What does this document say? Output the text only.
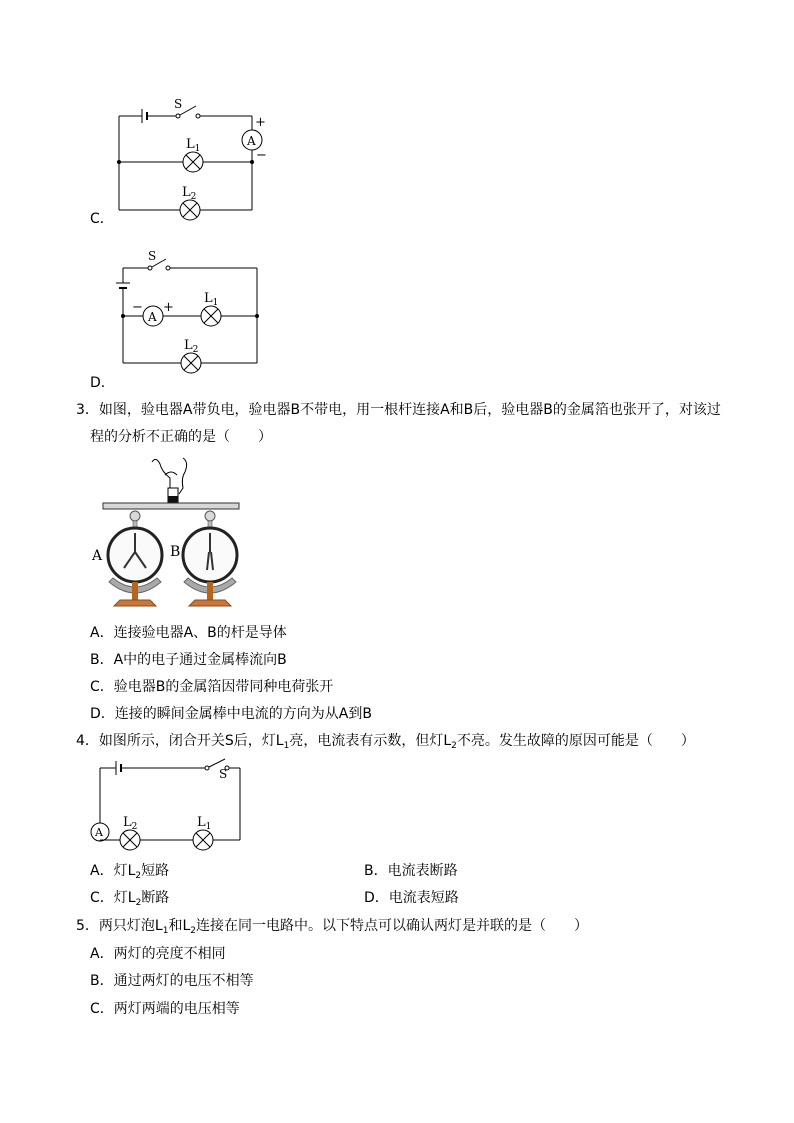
S
A
+
−
$L_1$
$L_2$
C．
S
A
− +
$L_1$
$L_2$
D．
3．如图，验电器A带负电，验电器B不带电，用一根杆连接A和B后，验电器B的金属箔也张开了，对该过
程的分析不正确的是（　　）
A	B
A．连接验电器A、B的杆是导体
B．A中的电子通过金属棒流向B
C．验电器B的金属箔因带同种电荷张开
D．连接的瞬间金属棒中电流的方向为从A到B
4．如图所示，闭合开关S后，灯$L_1$亮，电流表有示数，但灯$L_2$不亮。发生故障的原因可能是（　　）
S
A
$L_2$	$L_1$
A．灯$L_2$短路	B．电流表断路
C．灯$L_2$断路	D．电流表短路
5．两只灯泡$L_1$和$L_2$连接在同一电路中。以下特点可以确认两灯是并联的是（　　）
A．两灯的亮度不相同
B．通过两灯的电压不相等
C．两灯两端的电压相等
